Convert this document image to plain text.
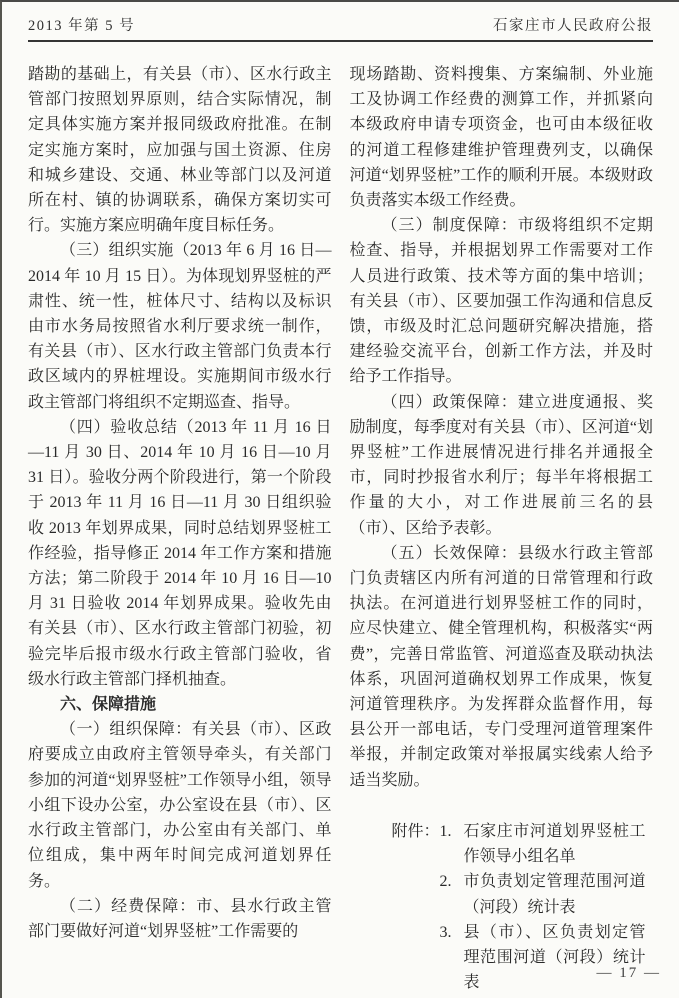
2013 年第 5 号	石家庄市人民政府公报

踏勘的基础上，有关县（市）、区水行政主管部门按照划界原则，结合实际情况，制定具体实施方案并报同级政府批准。在制定实施方案时，应加强与国土资源、住房和城乡建设、交通、林业等部门以及河道所在村、镇的协调联系，确保方案切实可行。实施方案应明确年度目标任务。

（三）组织实施（2013 年 6 月 16 日—2014 年 10 月 15 日）。为体现划界竖桩的严肃性、统一性，桩体尺寸、结构以及标识由市水务局按照省水利厅要求统一制作，有关县（市）、区水行政主管部门负责本行政区域内的界桩埋设。实施期间市级水行政主管部门将组织不定期巡查、指导。

（四）验收总结（2013 年 11 月 16 日—11 月 30 日、2014 年 10 月 16 日—10 月 31 日）。验收分两个阶段进行，第一个阶段于 2013 年 11 月 16 日—11 月 30 日组织验收 2013 年划界成果，同时总结划界竖桩工作经验，指导修正 2014 年工作方案和措施方法；第二阶段于 2014 年 10 月 16 日—10 月 31 日验收 2014 年划界成果。验收先由有关县（市）、区水行政主管部门初验，初验完毕后报市级水行政主管部门验收，省级水行政主管部门择机抽查。

六、保障措施

（一）组织保障：有关县（市）、区政府要成立由政府主管领导牵头，有关部门参加的河道“划界竖桩”工作领导小组，领导小组下设办公室，办公室设在县（市）、区水行政主管部门，办公室由有关部门、单位组成，集中两年时间完成河道划界任务。

（二）经费保障：市、县水行政主管部门要做好河道“划界竖桩”工作需要的

现场踏勘、资料搜集、方案编制、外业施工及协调工作经费的测算工作，并抓紧向本级政府申请专项资金，也可由本级征收的河道工程修建维护管理费列支，以确保河道“划界竖桩”工作的顺利开展。本级财政负责落实本级工作经费。

（三）制度保障：市级将组织不定期检查、指导，并根据划界工作需要对工作人员进行政策、技术等方面的集中培训；有关县（市）、区要加强工作沟通和信息反馈，市级及时汇总问题研究解决措施，搭建经验交流平台，创新工作方法，并及时给予工作指导。

（四）政策保障：建立进度通报、奖励制度，每季度对有关县（市）、区河道“划界竖桩”工作进展情况进行排名并通报全市，同时抄报省水利厅；每半年将根据工作量的大小，对工作进展前三名的县（市）、区给予表彰。

（五）长效保障：县级水行政主管部门负责辖区内所有河道的日常管理和行政执法。在河道进行划界竖桩工作的同时，应尽快建立、健全管理机构，积极落实“两费”，完善日常监管、河道巡查及联动执法体系，巩固河道确权划界工作成果，恢复河道管理秩序。为发挥群众监督作用，每县公开一部电话，专门受理河道管理案件举报，并制定政策对举报属实线索人给予适当奖励。

附件： 1. 石家庄市河道划界竖桩工作领导小组名单
2. 市负责划定管理范围河道（河段）统计表
3. 县（市）、区负责划定管理范围河道（河段）统计表
— 17 —
